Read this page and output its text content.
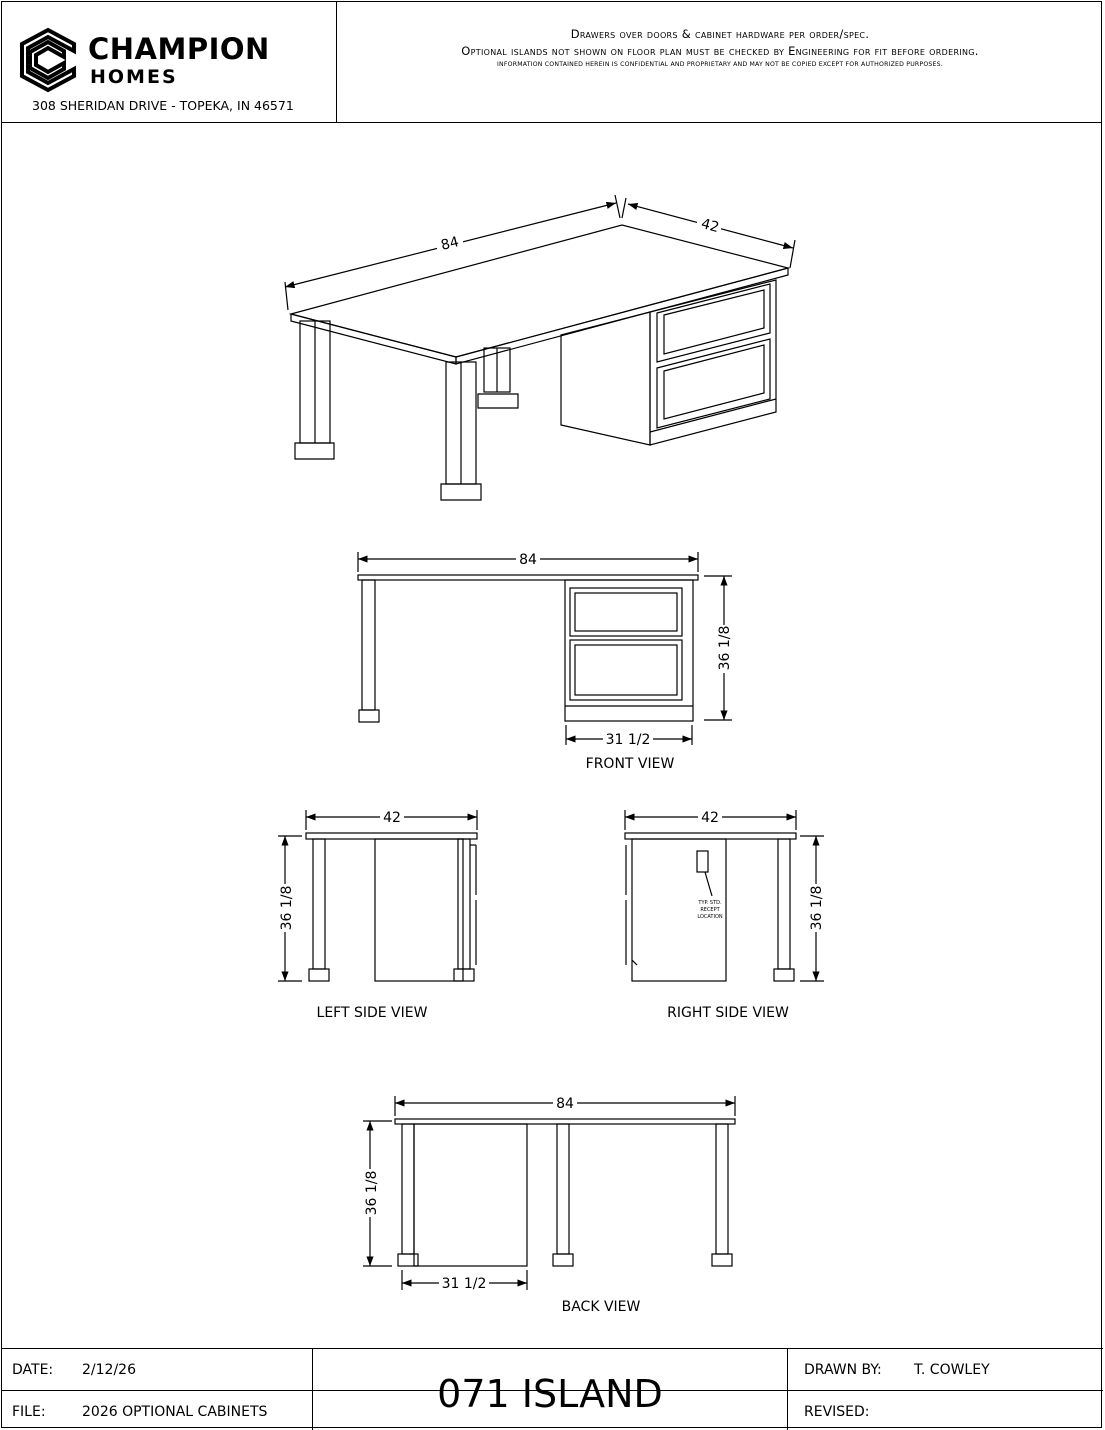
CHAMPION
HOMES
308 SHERIDAN DRIVE - TOPEKA, IN 46571
Drawers over doors & cabinet hardware per order/spec.
Optional islands not shown on floor plan must be checked by Engineering for fit before ordering.
INFORMATION CONTAINED HEREIN IS CONFIDENTIAL AND PROPRIETARY AND MAY NOT BE COPIED EXCEPT FOR AUTHORIZED PURPOSES.
DATE: 2/12/26
FILE:	2026 OPTIONAL CABINETS	071 ISLAND
DRAWN BY: T. COWLEY
REVISED:
84
42
84
36 1/8
31 1/2
FRONT VIEW
42
36 1/8
LEFT SIDE VIEW
42
36 1/8
TYP. STD.
RECEPT
LOCATION
RIGHT SIDE VIEW
84
36 1/8
31 1/2
BACK VIEW
